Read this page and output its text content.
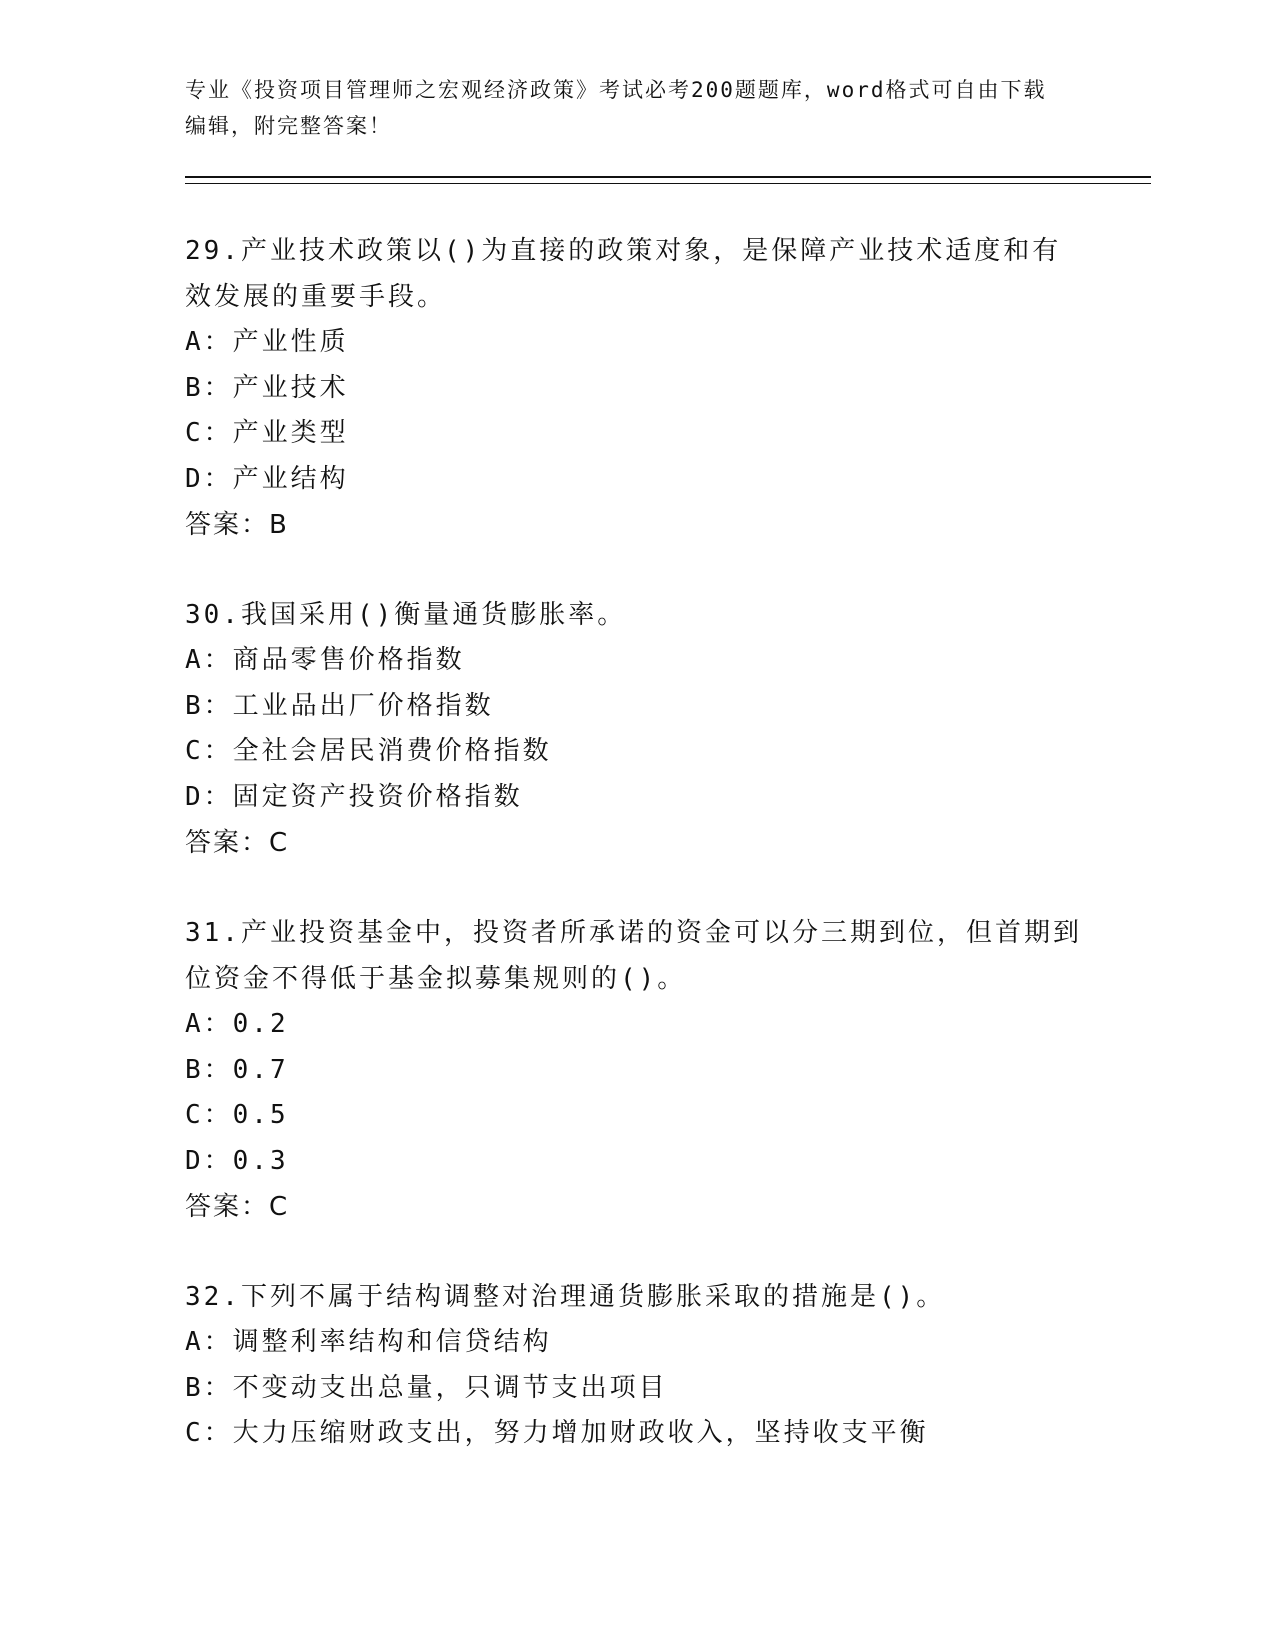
专业《投资项目管理师之宏观经济政策》考试必考200题题库，word格式可自由下载编辑，附完整答案！
29.产业技术政策以()为直接的政策对象，是保障产业技术适度和有效发展的重要手段。
A：产业性质
B：产业技术
C：产业类型
D：产业结构
答案：B
30.我国采用()衡量通货膨胀率。
A：商品零售价格指数
B：工业品出厂价格指数
C：全社会居民消费价格指数
D：固定资产投资价格指数
答案：C
31.产业投资基金中，投资者所承诺的资金可以分三期到位，但首期到位资金不得低于基金拟募集规则的()。
A：0.2
B：0.7
C：0.5
D：0.3
答案：C
32.下列不属于结构调整对治理通货膨胀采取的措施是()。
A：调整利率结构和信贷结构
B：不变动支出总量，只调节支出项目
C：大力压缩财政支出，努力增加财政收入，坚持收支平衡
